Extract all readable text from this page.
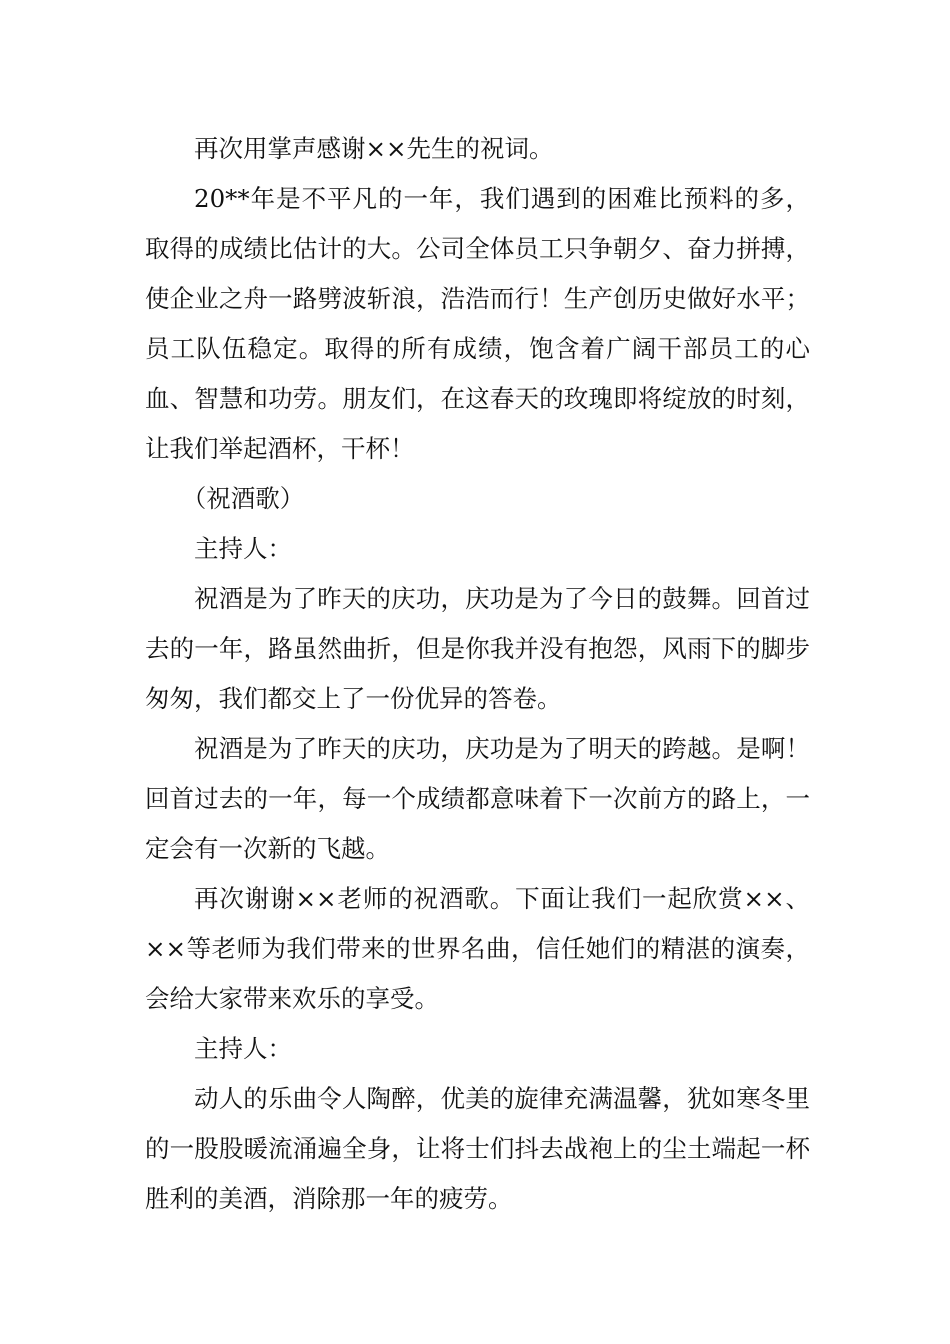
再次用掌声感谢××先生的祝词。

20**年是不平凡的一年，我们遇到的困难比预料的多，取得的成绩比估计的大。公司全体员工只争朝夕、奋力拼搏，使企业之舟一路劈波斩浪，浩浩而行！生产创历史做好水平；员工队伍稳定。取得的所有成绩，饱含着广阔干部员工的心血、智慧和功劳。朋友们，在这春天的玫瑰即将绽放的时刻，让我们举起酒杯，干杯！

（祝酒歌）

主持人：

祝酒是为了昨天的庆功，庆功是为了今日的鼓舞。回首过去的一年，路虽然曲折，但是你我并没有抱怨，风雨下的脚步匆匆，我们都交上了一份优异的答卷。

祝酒是为了昨天的庆功，庆功是为了明天的跨越。是啊！回首过去的一年，每一个成绩都意味着下一次前方的路上，一定会有一次新的飞越。

再次谢谢××老师的祝酒歌。下面让我们一起欣赏××、××等老师为我们带来的世界名曲，信任她们的精湛的演奏，会给大家带来欢乐的享受。

主持人：

动人的乐曲令人陶醉，优美的旋律充满温馨，犹如寒冬里的一股股暖流涌遍全身，让将士们抖去战袍上的尘土端起一杯胜利的美酒，消除那一年的疲劳。
